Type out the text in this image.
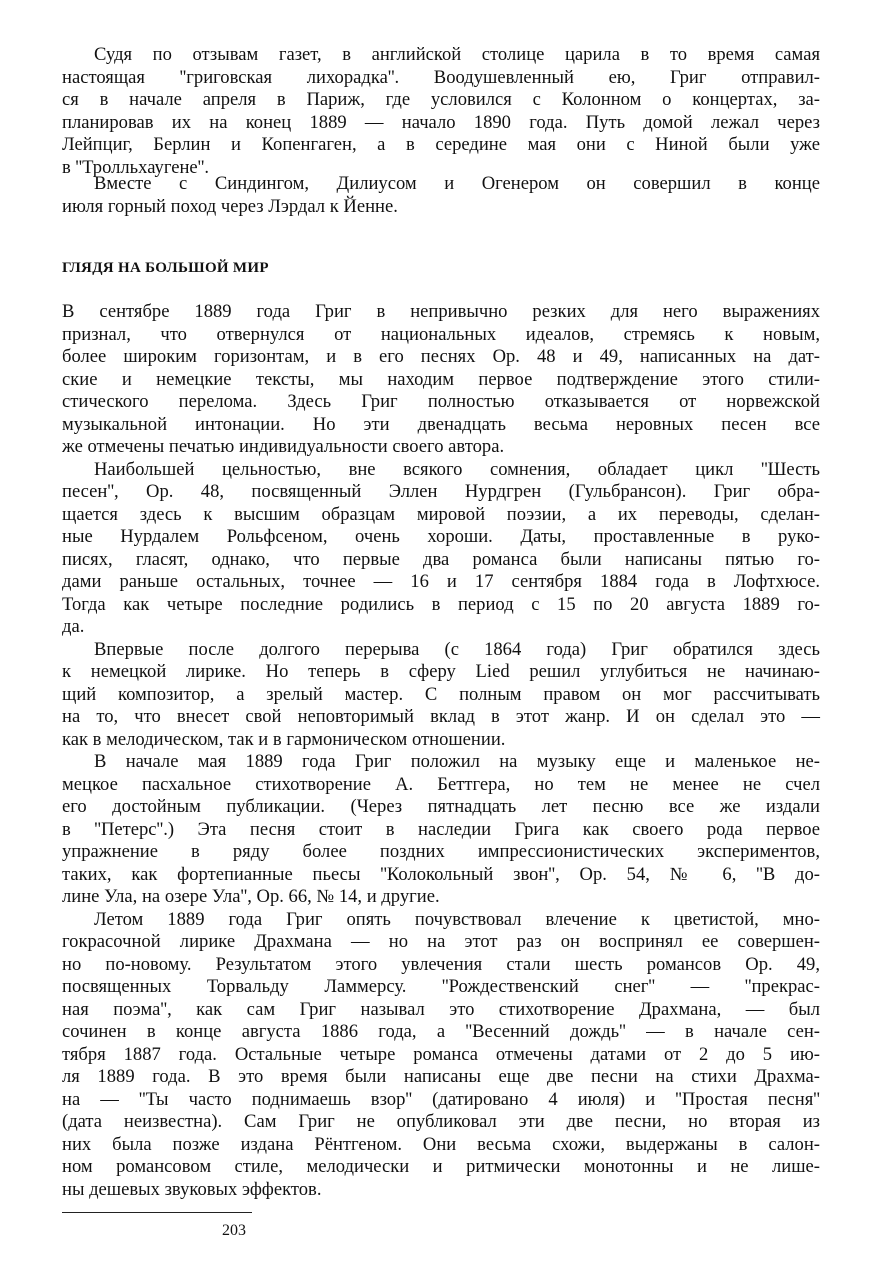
Судя по отзывам газет, в английской столице царила в то время самая
настоящая ''григовская лихорадка''. Воодушевленный ею, Григ отправил-
ся в начале апреля в Париж, где условился с Колонном о концертах, за-
планировав их на конец 1889 — начало 1890 года. Путь домой лежал через
Лейпциг, Берлин и Копенгаген, а в середине мая они с Ниной были уже
в ''Тролльхаугене''.
Вместе с Синдингом, Дилиусом и Огенером он совершил в конце
июля горный поход через Лэрдал к Йенне.
ГЛЯДЯ НА БОЛЬШОЙ МИР
В сентябре 1889 года Григ в непривычно резких для него выражениях
признал, что отвернулся от национальных идеалов, стремясь к новым,
более широким горизонтам, и в его песнях Ор. 48 и 49, написанных на дат-
ские и немецкие тексты, мы находим первое подтверждение этого стили-
стического перелома. Здесь Григ полностью отказывается от норвежской
музыкальной интонации. Но эти двенадцать весьма неровных песен все
же отмечены печатью индивидуальности своего автора.
Наибольшей цельностью, вне всякого сомнения, обладает цикл ''Шесть
песен'', Ор. 48, посвященный Эллен Нурдгрен (Гульбрансон). Григ обра-
щается здесь к высшим образцам мировой поэзии, а их переводы, сделан-
ные Нурдалем Рольфсеном, очень хороши. Даты, проставленные в руко-
писях, гласят, однако, что первые два романса были написаны пятью го-
дами раньше остальных, точнее — 16 и 17 сентября 1884 года в Лофтхюсе.
Тогда как четыре последние родились в период с 15 по 20 августа 1889 го-
да.
Впервые после долгого перерыва (с 1864 года) Григ обратился здесь
к немецкой лирике. Но теперь в сферу Lied решил углубиться не начинаю-
щий композитор, а зрелый мастер. С полным правом он мог рассчитывать
на то, что внесет свой неповторимый вклад в этот жанр. И он сделал это —
как в мелодическом, так и в гармоническом отношении.
В начале мая 1889 года Григ положил на музыку еще и маленькое не-
мецкое пасхальное стихотворение А. Беттгера, но тем не менее не счел
его достойным публикации. (Через пятнадцать лет песню все же издали
в ''Петерс''.) Эта песня стоит в наследии Грига как своего рода первое
упражнение в ряду более поздних импрессионистических экспериментов,
таких, как фортепианные пьесы ''Колокольный звон'', Ор. 54, № 6, ''В до-
лине Ула, на озере Ула'', Ор. 66, № 14, и другие.
Летом 1889 года Григ опять почувствовал влечение к цветистой, мно-
гокрасочной лирике Драхмана — но на этот раз он воспринял ее совершен-
но по-новому. Результатом этого увлечения стали шесть романсов Ор. 49,
посвященных Торвальду Ламмерсу. ''Рождественский снег'' — ''прекрас-
ная поэма'', как сам Григ называл это стихотворение Драхмана, — был
сочинен в конце августа 1886 года, а ''Весенний дождь'' — в начале сен-
тября 1887 года. Остальные четыре романса отмечены датами от 2 до 5 ию-
ля 1889 года. В это время были написаны еще две песни на стихи Драхма-
на — ''Ты часто поднимаешь взор'' (датировано 4 июля) и ''Простая песня''
(дата неизвестна). Сам Григ не опубликовал эти две песни, но вторая из
них была позже издана Рёнтгеном. Они весьма схожи, выдержаны в салон-
ном романсовом стиле, мелодически и ритмически монотонны и не лише-
ны дешевых звуковых эффектов.
203
